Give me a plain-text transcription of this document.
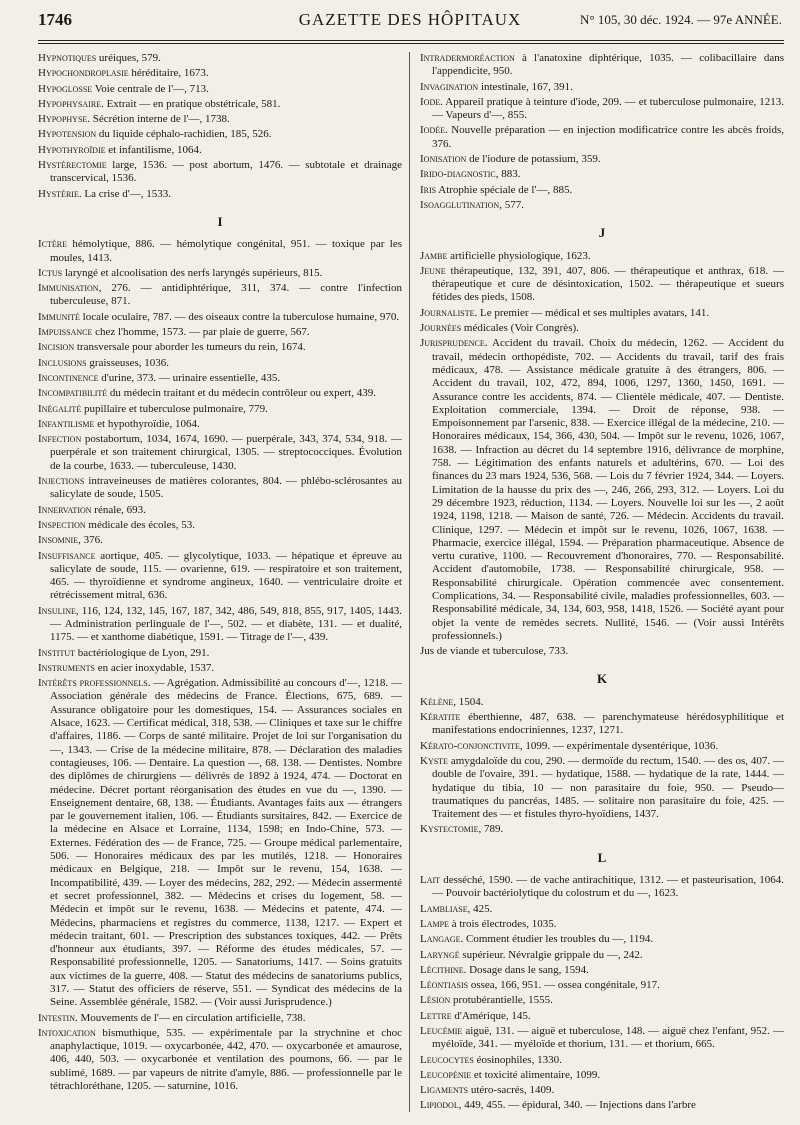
1746	GAZETTE DES HÔPITAUX	N° 105, 30 déc. 1924. — 97e ANNÉE.
Hypnotiques uréiques, 579.
Hypochondroplasie héréditaire, 1673.
Hypoglosse Voie centrale de l'—, 713.
Hypophysaire. Extrait — en pratique obstétricale, 581.
Hypophyse. Sécrétion interne de l'—, 1738.
Hypotension du liquide céphalo-rachidien, 185, 526.
Hypothyroïdie et infantilisme, 1064.
Hystérectomie large, 1536. — post abortum, 1476. — subtotale et drainage transcervical, 1536.
Hystérie. La crise d'—, 1533.
I
Ictère hémolytique, 886. — hémolytique congénital, 951. — toxique par les moules, 1413.
Ictus laryngé et alcoolisation des nerfs laryngés supérieurs, 815.
Immunisation, 276. — antidiphtérique, 311, 374. — contre l'infection tuberculeuse, 871.
Immunité locale oculaire, 787. — des oiseaux contre la tuberculose humaine, 970.
Impuissance chez l'homme, 1573. — par plaie de guerre, 567.
Incision transversale pour aborder les tumeurs du rein, 1674.
Inclusions graisseuses, 1036.
Incontinence d'urine, 373. — urinaire essentielle, 435.
Incompatibilité du médecin traitant et du médecin contrôleur ou expert, 439.
Inégalité pupillaire et tuberculose pulmonaire, 779.
Infantilisme et hypothyroïdie, 1064.
Infection postabortum, 1034, 1674, 1690. — puerpérale, 343, 374, 534, 918. — puerpérale et son traitement chirurgical, 1305. — streptococciques. Évolution de la courbe, 1633. — tuberculeuse, 1430.
Injections intraveineuses de matières colorantes, 804. — phlébo-sclérosantes au salicylate de soude, 1505.
Innervation rénale, 693.
Inspection médicale des écoles, 53.
Insomnie, 376.
Insuffisance aortique, 405. — glycolytique, 1033. — hépatique et épreuve au salicylate de soude, 115. — ovarienne, 619. — respiratoire et son traitement, 465. — thyroïdienne et syndrome angineux, 1640. — ventriculaire droite et rétrécissement mitral, 636.
Insuline, 116, 124, 132, 145, 167, 187, 342, 486, 549, 818, 855, 917, 1405, 1443. — Administration perlinguale de l'—, 502. — et diabète, 131. — et dualité, 1175. — et xanthome diabétique, 1591. — Titrage de l'—, 439.
Institut bactériologique de Lyon, 291.
Instruments en acier inoxydable, 1537.
Intérêts professionnels. — Agrégation. Admissibilité au concours d'—, 1218. — Association générale des médecins de France. Élections, 675, 689. — Assurance obligatoire pour les domestiques, 154. — Assurances sociales en Alsace, 1623. — Certificat médical, 318, 538. — Cliniques et taxe sur le chiffre d'affaires, 1186. — Corps de santé militaire. Projet de loi sur l'organisation du —, 1343. — Crise de la médecine militaire, 878. — Déclaration des maladies contagieuses, 106. — Dentaire. La question —, 68. 138. — Dentistes. Nombre des diplômes de chirurgiens — délivrés de 1892 à 1924, 474. — Doctorat en médecine. Décret portant réorganisation des études en vue du —, 1390. — Enseignement dentaire, 68, 138. — Étudiants. Avantages faits aux — étrangers par le gouvernement italien, 106. — Étudiants sursitaires, 842. — Exercice de la médecine en Alsace et Lorraine, 1134, 1598; en Indo-Chine, 573. — Externes. Fédération des — de France, 725. — Groupe médical parlementaire, 506. — Honoraires médicaux des par les mutilés, 1218. — Honoraires médicaux en Belgique, 218. — Impôt sur le revenu, 154, 1638. — Incompatibilité, 439. — Loyer des médecins, 282, 292. — Médecin assermenté et secret professionnel, 382. — Médecins et crises du logement, 58. — Médecin et impôt sur le revenu, 1638. — Médecins et patente, 474. — Médecins, pharmaciens et registres du commerce, 1138, 1217. — Expert et médecin traitant, 601. — Prescription des substances toxiques, 442. — Prêts d'honneur aux étudiants, 397. — Réforme des études médicales, 57. — Responsabilité professionnelle, 1205. — Sanatoriums, 1417. — Soins gratuits aux victimes de la guerre, 408. — Statut des médecins de sanatoriums publics, 317. — Statut des officiers de réserve, 551. — Syndicat des médecins de la Seine. Assemblée générale, 1582. — (Voir aussi Jurisprudence.)
Intestin. Mouvements de l'— en circulation artificielle, 738.
Intoxication bismuthique, 535. — expérimentale par la strychnine et choc anaphylactique, 1019. — oxycarbonée, 442, 470. — oxycarbonée et amaurose, 406, 440, 503. — oxycarbonée et ventilation des poumons, 66. — par le sublimé, 1689. — par vapeurs de nitrite d'amyle, 886. — professionnelle par le tétrachloréthane, 1205. — saturnine, 1016.
Intradermoréaction à l'anatoxine diphtérique, 1035. — colibacillaire dans l'appendicite, 950.
Invagination intestinale, 167, 391.
Iode. Appareil pratique à teinture d'iode, 209. — et tuberculose pulmonaire, 1213. — Vapeurs d'—, 855.
Iodée. Nouvelle préparation — en injection modificatrice contre les abcès froids, 376.
Ionisation de l'iodure de potassium, 359.
Irido-diagnostic, 883.
Iris Atrophie spéciale de l'—, 885.
Isoagglutination, 577.
J
Jambe artificielle physiologique, 1623.
Jeune thérapeutique, 132, 391, 407, 806. — thérapeutique et anthrax, 618. — thérapeutique et cure de désintoxication, 1502. — thérapeutique et sueurs fétides des pieds, 1508.
Journaliste. Le premier — médical et ses multiples avatars, 141.
Journées médicales (Voir Congrès).
Jurisprudence. Accident du travail. Choix du médecin, 1262. — Accident du travail, médecin orthopédiste, 702. — Accidents du travail, tarif des frais médicaux, 478. — Assistance médicale gratuite à des étrangers, 806. — Accident du travail, 102, 472, 894, 1006, 1297, 1360, 1450, 1691. — Assurance contre les accidents, 874. — Clientèle médicale, 407. — Dentiste. Exploitation commerciale, 1394. — Droit de réponse, 938. — Empoisonnement par l'arsenic, 838. — Exercice illégal de la médecine, 210. — Honoraires médicaux, 154, 366, 430, 504. — Impôt sur le revenu, 1026, 1067, 1638. — Infraction au décret du 14 septembre 1916, délivrance de morphine, 758. — Légitimation des enfants naturels et adultérins, 670. — Loi des finances du 23 mars 1924, 536, 568. — Lois du 7 février 1924, 344. — Loyers. Limitation de la hausse du prix des —, 246, 266, 293, 312. — Loyers. Loi du 29 décembre 1923, réduction, 1134. — Loyers. Nouvelle loi sur les —, 2 août 1924, 1198, 1218. — Maison de santé, 726. — Médecin. Accidents du travail. Clinique, 1297. — Médecin et impôt sur le revenu, 1026, 1067, 1638. — Pharmacie, exercice illégal, 1594. — Préparation pharmaceutique. Absence de vertu curative, 1100. — Recouvrement d'honoraires, 770. — Responsabilité. Accident d'automobile, 1738. — Responsabilité chirurgicale, 958. — Responsabilité chirurgicale. Opération commencée avec consentement. Complications, 34. — Responsabilité civile, maladies professionnelles, 603. — Responsabilité médicale, 34, 134, 603, 958, 1418, 1526. — Société ayant pour objet la vente de remèdes secrets. Nullité, 1546. — (Voir aussi Intérêts professionnels.)
Jus de viande et tuberculose, 733.
K
Kélène, 1504.
Kératite éberthienne, 487, 638. — parenchymateuse hérédosyphilitique et manifestations endocriniennes, 1237, 1271.
Kérato-conjonctivite, 1099. — expérimentale dysentérique, 1036.
Kyste amygdaloïde du cou, 290. — dermoïde du rectum, 1540. — des os, 407. — double de l'ovaire, 391. — hydatique, 1588. — hydatique de la rate, 1444. — hydatique du tibia, 10 — non parasitaire du foie, 950. — Pseudo— traumatiques du pancréas, 1485. — solitaire non parasitaire du foie, 425. — Traitement des — et fistules thyro-hyoïdiens, 1437.
Kystectomie, 789.
L
Lait desséché, 1590. — de vache antirachitique, 1312. — et pasteurisation, 1064. — Pouvoir bactériolytique du colostrum et du —, 1623.
Lambliase, 425.
Lampe à trois électrodes, 1035.
Langage. Comment étudier les troubles du —, 1194.
Laryngé supérieur. Névralgie grippale du —, 242.
Lécithine. Dosage dans le sang, 1594.
Léontiasis ossea, 166, 951. — ossea congénitale, 917.
Lésion protubérantielle, 1555.
Lettre d'Amérique, 145.
Leucémie aiguë, 131. — aiguë et tuberculose, 148. — aiguë chez l'enfant, 952. — myéloïde, 341. — myéloïde et thorium, 131. — et thorium, 665.
Leucocytes éosinophiles, 1330.
Leucopénie et toxicité alimentaire, 1099.
Ligaments utéro-sacrés, 1409.
Lipiodol, 449, 455. — épidural, 340. — Injections dans l'arbre
